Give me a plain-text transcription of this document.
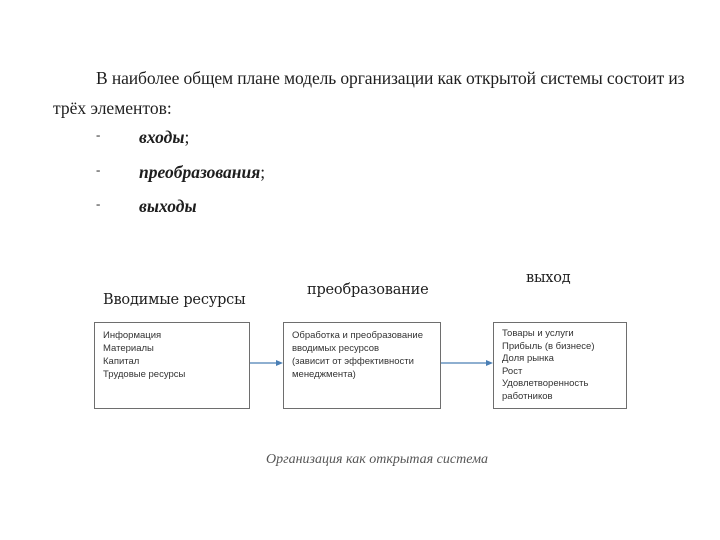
В наиболее общем плане модель организации как открытой системы состоит из
трёх элементов:
- входы;
- преобразования;
- выходы
Вводимые ресурсы
преобразование
выход
Информация
Материалы
Капитал
Трудовые ресурсы
Обработка и преобразование
вводимых ресурсов
(зависит от эффективности
менеджмента)
Товары и услуги
Прибыль (в бизнесе)
Доля рынка
Рост
Удовлетворенность
работников
Организация как открытая система
